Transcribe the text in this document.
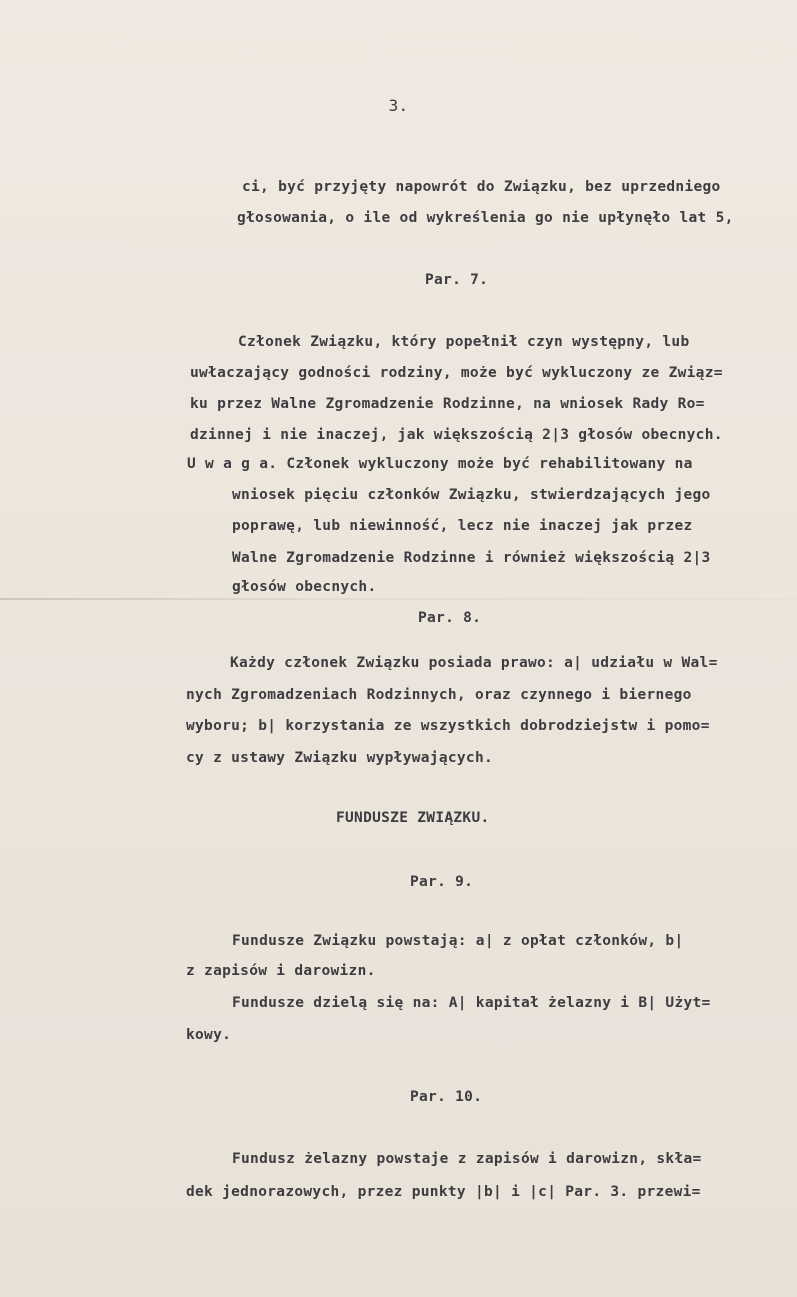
3.
ci, być przyjęty napowrót do Związku, bez uprzedniego
głosowania, o ile od wykreślenia go nie upłynęło lat 5,
Par. 7.
Członek Związku, który popełnił czyn występny, lub
uwłaczający godności rodziny, może być wykluczony ze Związ=
ku przez Walne Zgromadzenie Rodzinne, na wniosek Rady Ro=
dzinnej i nie inaczej, jak większością 2|3 głosów obecnych.
U w a g a. Członek wykluczony może być rehabilitowany na
wniosek pięciu członków Związku, stwierdzających jego
poprawę, lub niewinność, lecz nie inaczej jak przez
Walne Zgromadzenie Rodzinne i również większością 2|3
głosów obecnych.
Par. 8.
Każdy członek Związku posiada prawo: a| udziału w Wal=
nych Zgromadzeniach Rodzinnych, oraz czynnego i biernego
wyboru; b| korzystania ze wszystkich dobrodziejstw i pomo=
cy z ustawy Związku wypływających.
FUNDUSZE ZWIĄZKU.
Par. 9.
Fundusze Związku powstają: a| z opłat członków, b|
z zapisów i darowizn.
Fundusze dzielą się na: A| kapitał żelazny i B| Użyt=
kowy.
Par. 10.
Fundusz żelazny powstaje z zapisów i darowizn, skła=
dek jednorazowych, przez punkty |b| i |c| Par. 3. przewi=
